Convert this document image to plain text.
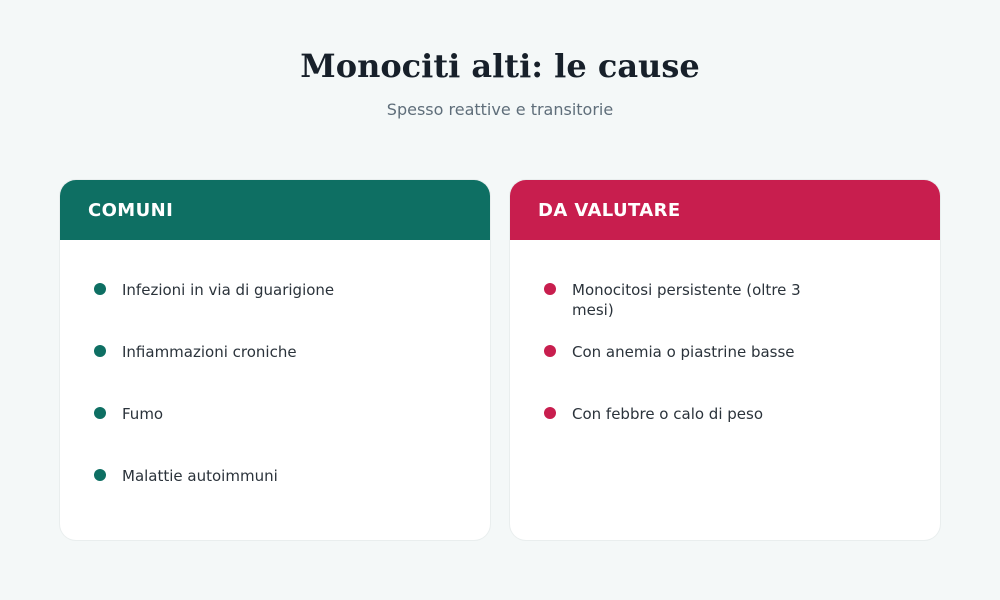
Monociti alti: le cause
Spesso reattive e transitorie
COMUNI
Infezioni in via di guarigione
Infiammazioni croniche
Fumo
Malattie autoimmuni
DA VALUTARE
Monocitosi persistente (oltre 3 mesi)
Con anemia o piastrine basse
Con febbre o calo di peso
